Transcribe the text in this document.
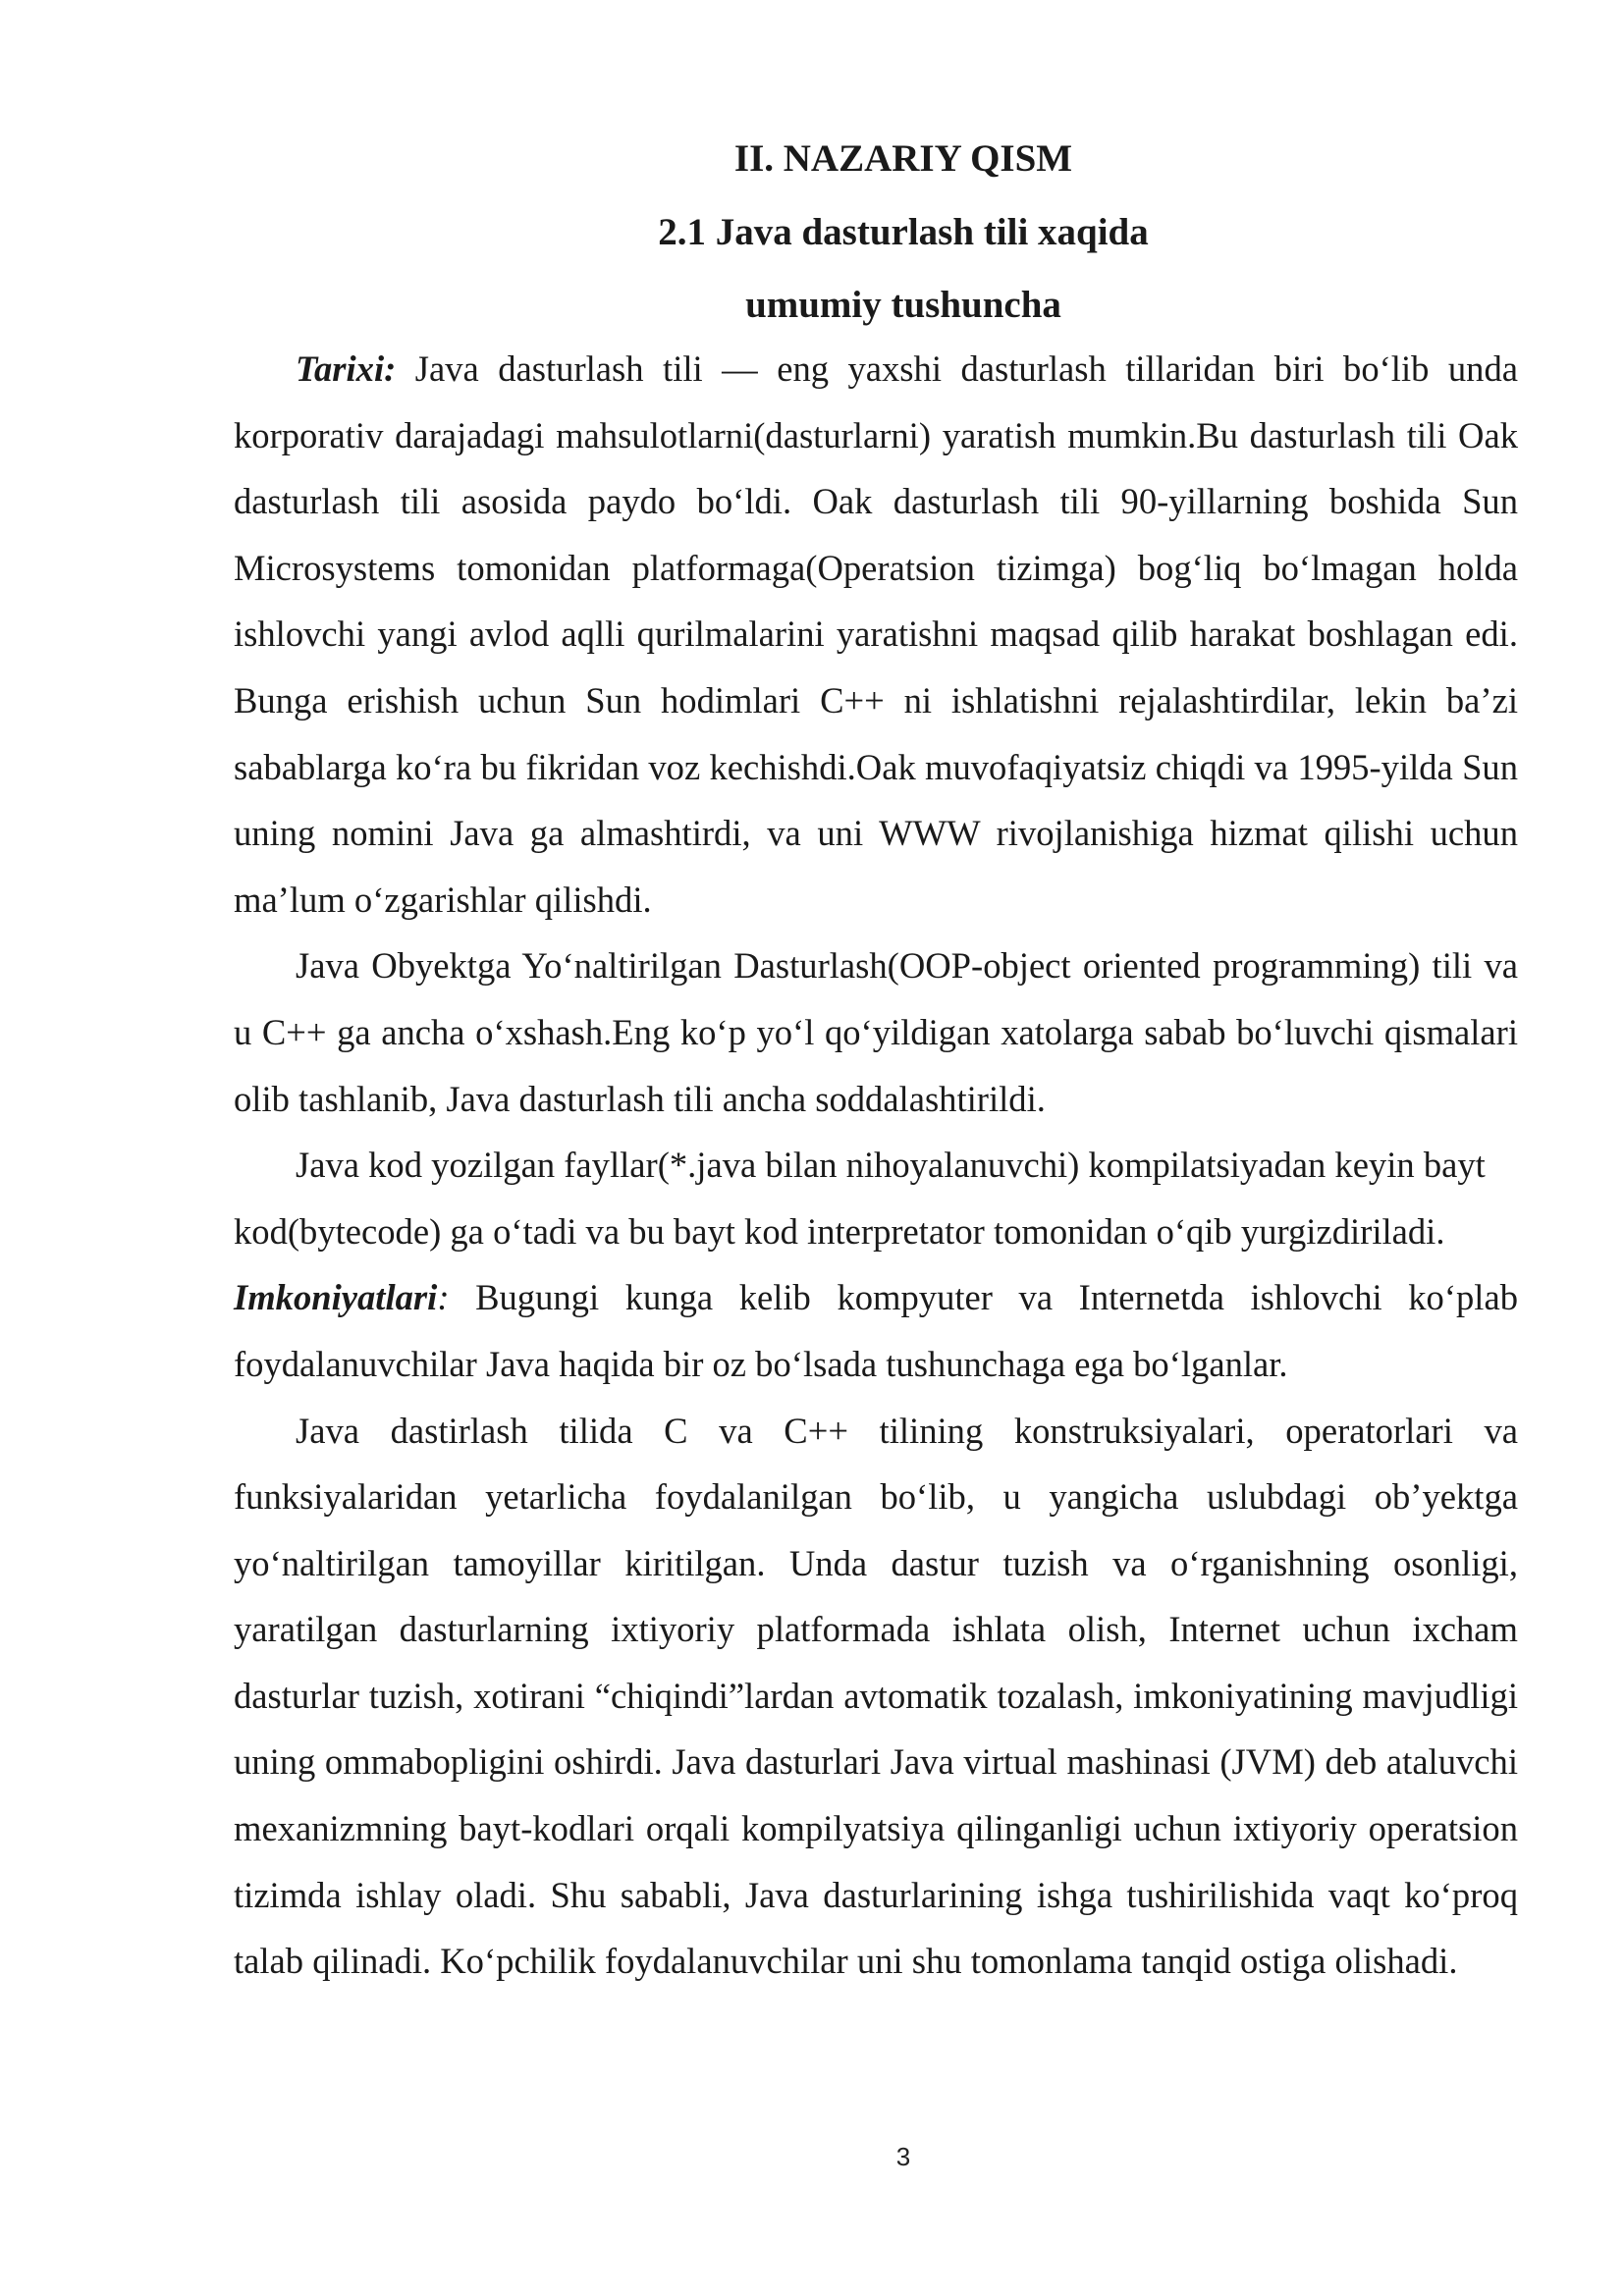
II. NAZARIY QISM
2.1 Java dasturlash tili xaqida
umumiy tushuncha

Tarixi: Java dasturlash tili — eng yaxshi dasturlash tillaridan biri bo‘lib unda korporativ darajadagi mahsulotlarni(dasturlarni) yaratish mumkin.Bu dasturlash tili Oak dasturlash tili asosida paydo bo‘ldi. Oak dasturlash tili 90-yillarning boshida Sun Microsystems tomonidan platformaga(Operatsion tizimga) bog‘liq bo‘lmagan holda ishlovchi yangi avlod aqlli qurilmalarini yaratishni maqsad qilib harakat boshlagan edi. Bunga erishish uchun Sun hodimlari C++ ni ishlatishni rejalashtirdilar, lekin ba’zi sabablarga ko‘ra bu fikridan voz kechishdi.Oak muvofaqiyatsiz chiqdi va 1995-yilda Sun uning nomini Java ga almashtirdi, va uni WWW rivojlanishiga hizmat qilishi uchun ma’lum o‘zgarishlar qilishdi.

Java Obyektga Yo‘naltirilgan Dasturlash(OOP-object oriented programming) tili va u C++ ga ancha o‘xshash.Eng ko‘p yo‘l qo‘yildigan xatolarga sabab bo‘luvchi qismalari olib tashlanib, Java dasturlash tili ancha soddalashtirildi.

Java kod yozilgan fayllar(*.java bilan nihoyalanuvchi) kompilatsiyadan keyin bayt kod(bytecode) ga o‘tadi va bu bayt kod interpretator tomonidan o‘qib yurgizdiriladi.

Imkoniyatlari: Bugungi kunga kelib kompyuter va Internetda ishlovchi ko‘plab foydalanuvchilar Java haqida bir oz bo‘lsada tushunchaga ega bo‘lganlar.

Java dastirlash tilida C va C++ tilining konstruksiyalari, operatorlari va funksiyalaridan yetarlicha foydalanilgan bo‘lib, u yangicha uslubdagi ob’yektga yo‘naltirilgan tamoyillar kiritilgan. Unda dastur tuzish va o‘rganishning osonligi, yaratilgan dasturlarning ixtiyoriy platformada ishlata olish, Internet uchun ixcham dasturlar tuzish, xotirani “chiqindi”lardan avtomatik tozalash, imkoniyatining mavjudligi uning ommabopligini oshirdi. Java dasturlari Java virtual mashinasi (JVM) deb ataluvchi mexanizmning bayt-kodlari orqali kompilyatsiya qilinganligi uchun ixtiyoriy operatsion tizimda ishlay oladi. Shu sababli, Java dasturlarining ishga tushirilishida vaqt ko‘proq talab qilinadi. Ko‘pchilik foydalanuvchilar uni shu tomonlama tanqid ostiga olishadi.

3
